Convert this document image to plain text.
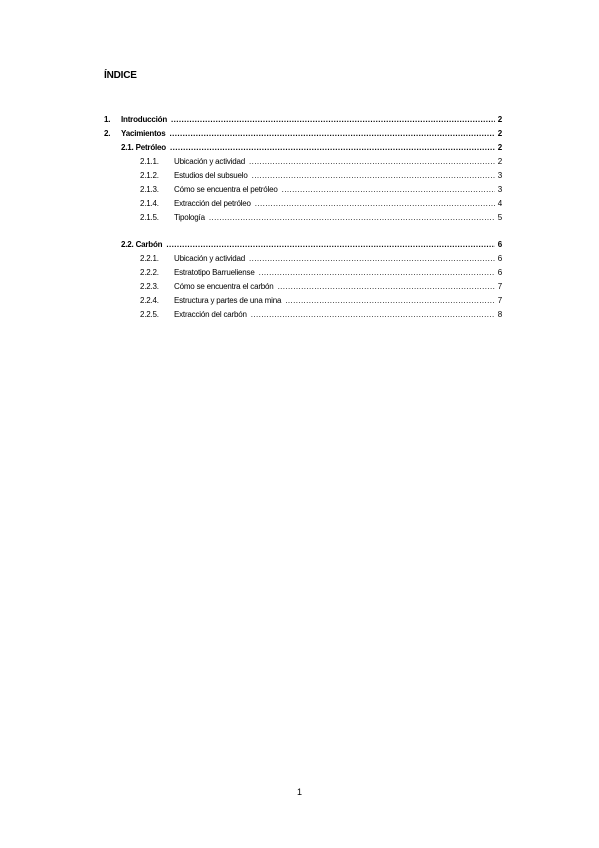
ÍNDICE
1.	Introducción .....	2
2.	Yacimientos .....	2
2.1. Petróleo .....	2
2.1.1.	Ubicación y actividad .....	2
2.1.2.	Estudios del subsuelo .....	3
2.1.3.	Cómo se encuentra el petróleo .....	3
2.1.4.	Extracción del petróleo .....	4
2.1.5.	Tipología .....	5
2.2. Carbón .....	6
2.2.1.	Ubicación y actividad .....	6
2.2.2.	Estratotipo Barrueliense .....	6
2.2.3.	Cómo se encuentra el carbón .....	7
2.2.4.	Estructura y partes de una mina .....	7
2.2.5.	Extracción del carbón .....	8
1
